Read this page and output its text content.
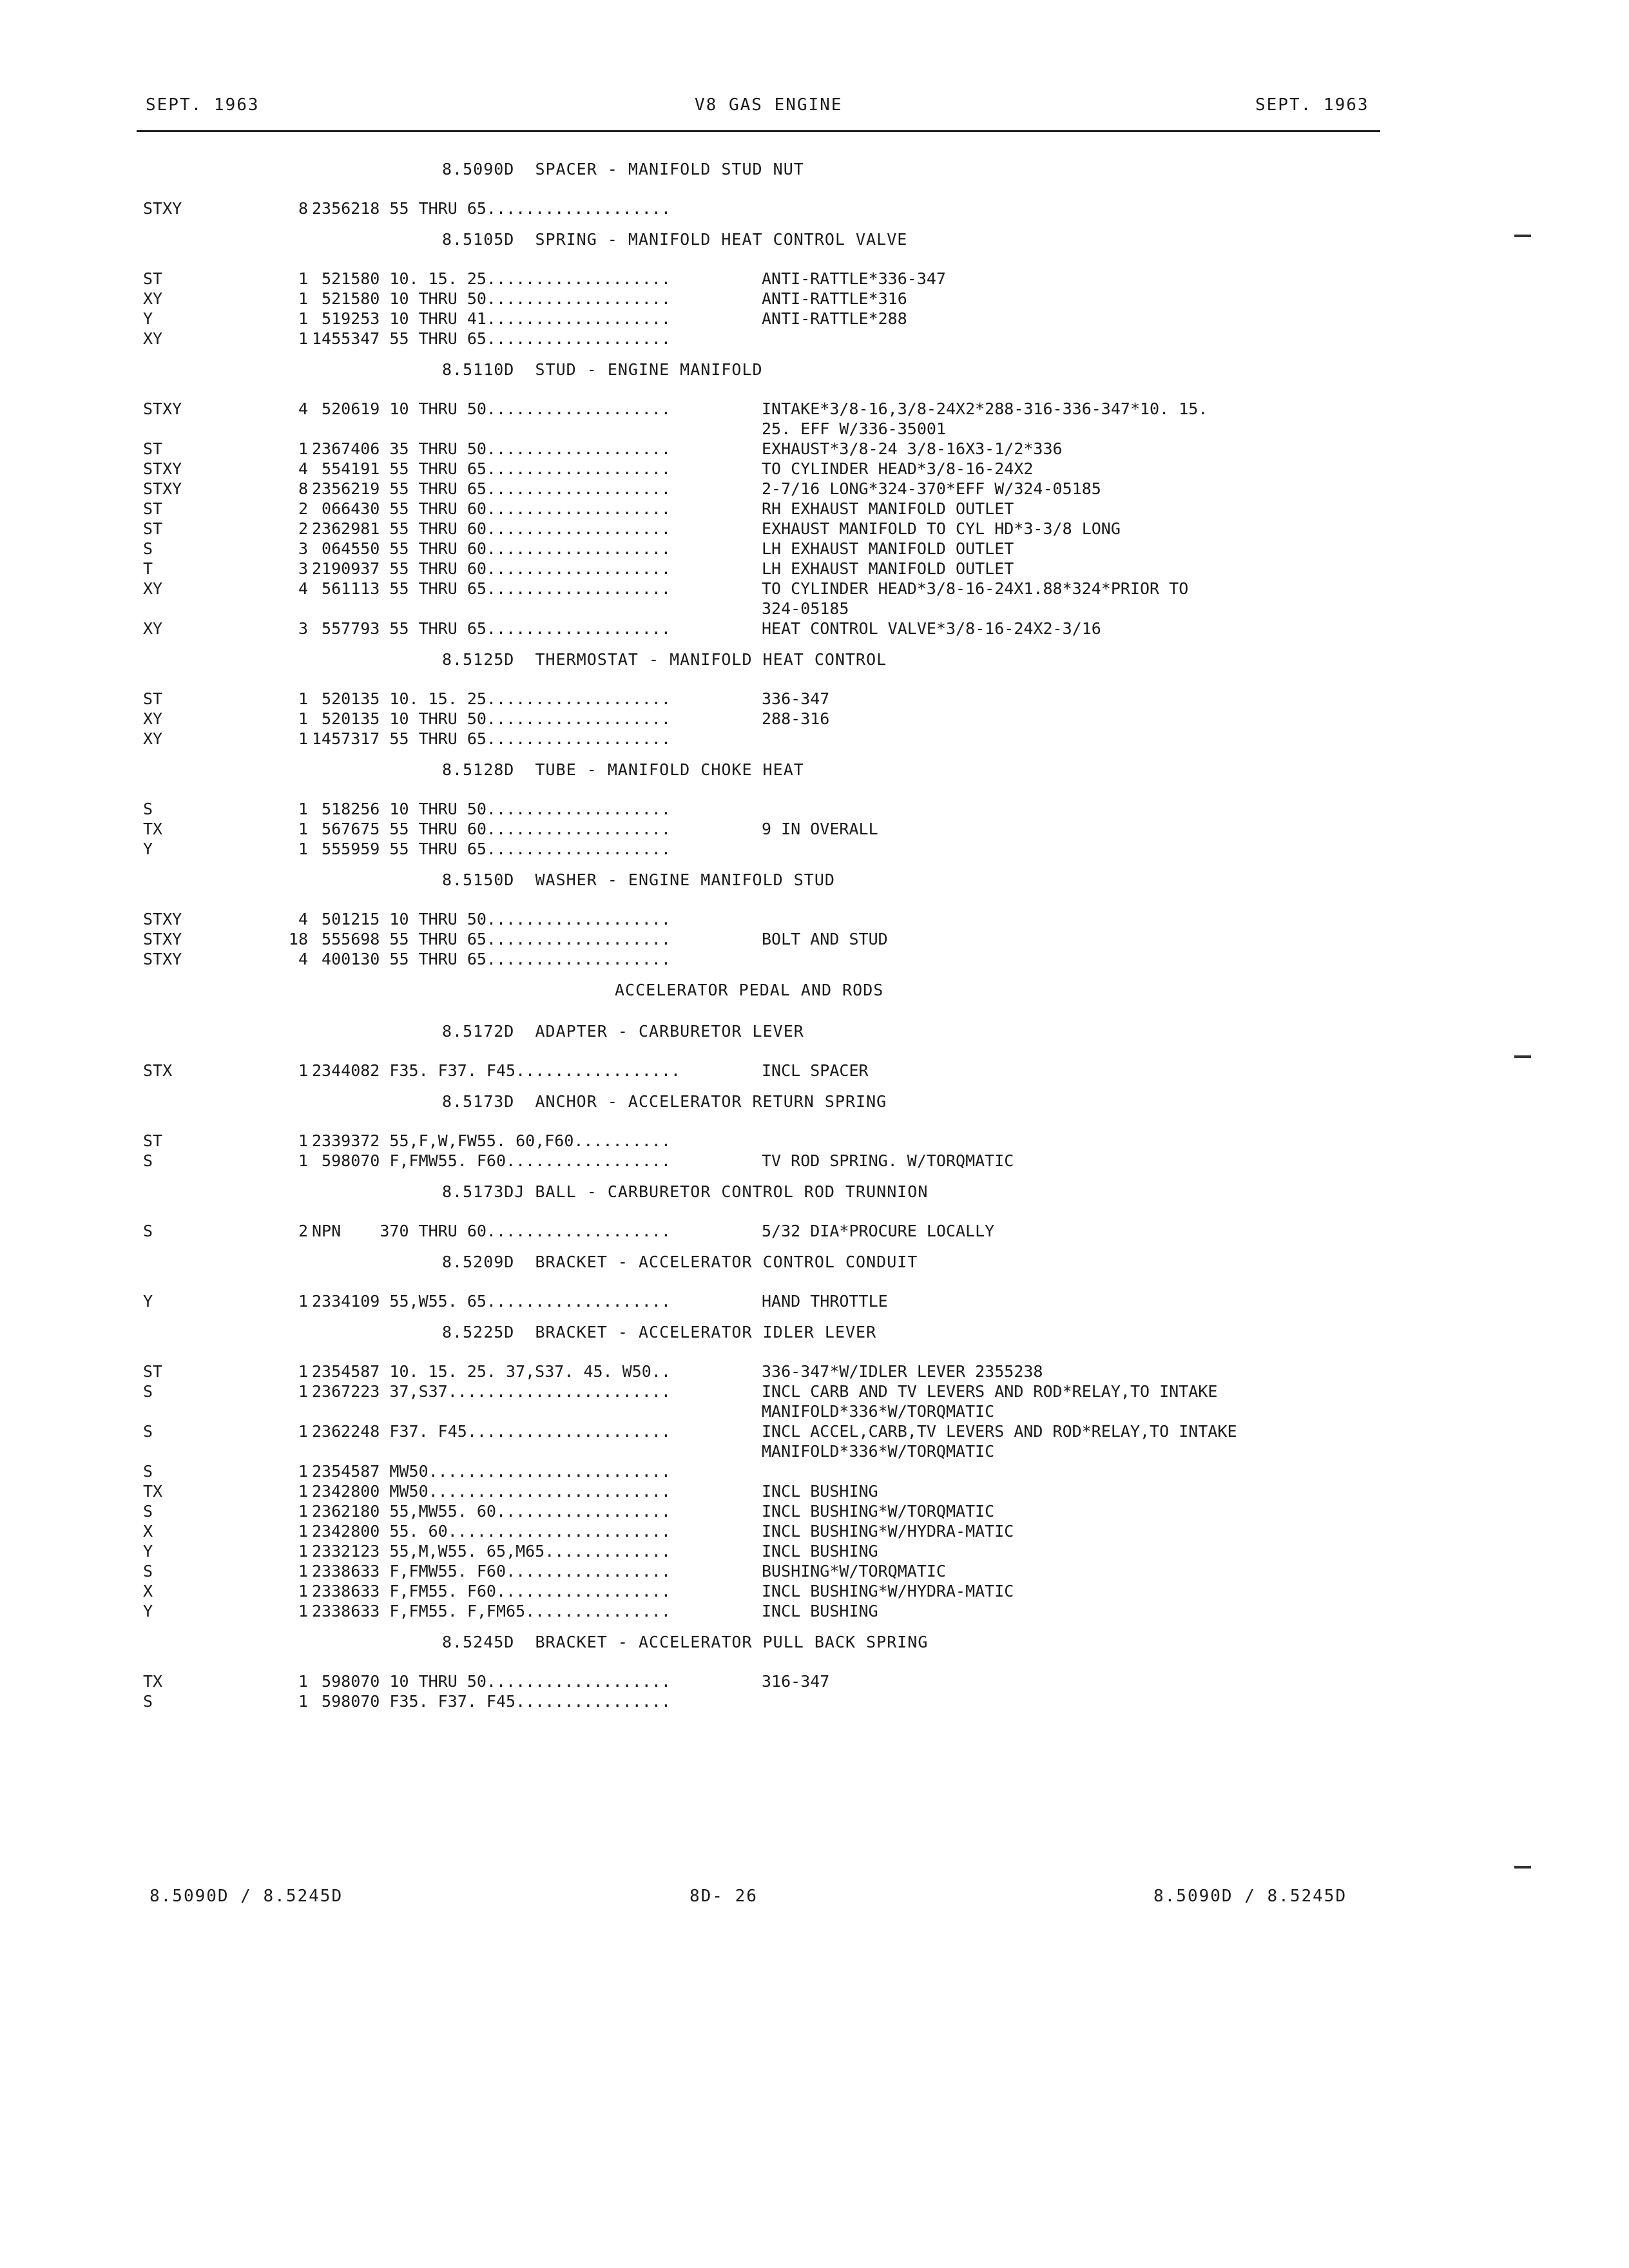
SEPT. 1963	V8 GAS ENGINE	SEPT. 1963
8.5090D  SPACER - MANIFOLD STUD NUT
STXY	8 2356218 55 THRU 65...................
8.5105D  SPRING - MANIFOLD HEAT CONTROL VALVE
ST	1 521580 10. 15. 25...................	ANTI-RATTLE*336-347
XY	1 521580 10 THRU 50...................	ANTI-RATTLE*316
Y	1 519253 10 THRU 41...................	ANTI-RATTLE*288
XY	1 1455347 55 THRU 65...................
8.5110D  STUD - ENGINE MANIFOLD
STXY	4 520619 10 THRU 50...................	INTAKE*3/8-16,3/8-24X2*288-316-336-347*10. 15.
25. EFF W/336-35001
ST	1 2367406 35 THRU 50...................	EXHAUST*3/8-24 3/8-16X3-1/2*336
STXY	4 554191 55 THRU 65...................	TO CYLINDER HEAD*3/8-16-24X2
STXY	8 2356219 55 THRU 65...................	2-7/16 LONG*324-370*EFF W/324-05185
ST	2 066430 55 THRU 60...................	RH EXHAUST MANIFOLD OUTLET
ST	2 2362981 55 THRU 60...................	EXHAUST MANIFOLD TO CYL HD*3-3/8 LONG
S	3 064550 55 THRU 60...................	LH EXHAUST MANIFOLD OUTLET
T	3 2190937 55 THRU 60...................	LH EXHAUST MANIFOLD OUTLET
XY	4 561113 55 THRU 65...................	TO CYLINDER HEAD*3/8-16-24X1.88*324*PRIOR TO
324-05185
XY	3 557793 55 THRU 65...................	HEAT CONTROL VALVE*3/8-16-24X2-3/16
8.5125D  THERMOSTAT - MANIFOLD HEAT CONTROL
ST	1 520135 10. 15. 25...................	336-347
XY	1 520135 10 THRU 50...................	288-316
XY	1 1457317 55 THRU 65...................
8.5128D  TUBE - MANIFOLD CHOKE HEAT
S	1 518256 10 THRU 50...................
TX	1 567675 55 THRU 60...................	9 IN OVERALL
Y	1 555959 55 THRU 65...................
8.5150D  WASHER - ENGINE MANIFOLD STUD
STXY	4 501215 10 THRU 50...................
STXY	18 555698 55 THRU 65...................	BOLT AND STUD
STXY	4 400130 55 THRU 65...................
ACCELERATOR PEDAL AND RODS
8.5172D  ADAPTER - CARBURETOR LEVER
STX	1 2344082 F35. F37. F45.................	INCL SPACER
8.5173D  ANCHOR - ACCELERATOR RETURN SPRING
ST	1 2339372 55,F,W,FW55. 60,F60..........
S	1 598070 F,FMW55. F60.................	TV ROD SPRING. W/TORQMATIC
8.5173DJ BALL - CARBURETOR CONTROL ROD TRUNNION
S	2 NPN    370 THRU 60...................	5/32 DIA*PROCURE LOCALLY
8.5209D  BRACKET - ACCELERATOR CONTROL CONDUIT
Y	1 2334109 55,W55. 65...................	HAND THROTTLE
8.5225D  BRACKET - ACCELERATOR IDLER LEVER
ST	1 2354587 10. 15. 25. 37,S37. 45. W50..	336-347*W/IDLER LEVER 2355238
S	1 2367223 37,S37.......................	INCL CARB AND TV LEVERS AND ROD*RELAY,TO INTAKE
MANIFOLD*336*W/TORQMATIC
S	1 2362248 F37. F45.....................	INCL ACCEL,CARB,TV LEVERS AND ROD*RELAY,TO INTAKE
MANIFOLD*336*W/TORQMATIC
S	1 2354587 MW50.........................
TX	1 2342800 MW50.........................	INCL BUSHING
S	1 2362180 55,MW55. 60..................	INCL BUSHING*W/TORQMATIC
X	1 2342800 55. 60.......................	INCL BUSHING*W/HYDRA-MATIC
Y	1 2332123 55,M,W55. 65,M65.............	INCL BUSHING
S	1 2338633 F,FMW55. F60.................	BUSHING*W/TORQMATIC
X	1 2338633 F,FM55. F60..................	INCL BUSHING*W/HYDRA-MATIC
Y	1 2338633 F,FM55. F,FM65...............	INCL BUSHING
8.5245D  BRACKET - ACCELERATOR PULL BACK SPRING
TX	1 598070 10 THRU 50...................	316-347
S	1 598070 F35. F37. F45................
8.5090D / 8.5245D	8D- 26	8.5090D / 8.5245D
